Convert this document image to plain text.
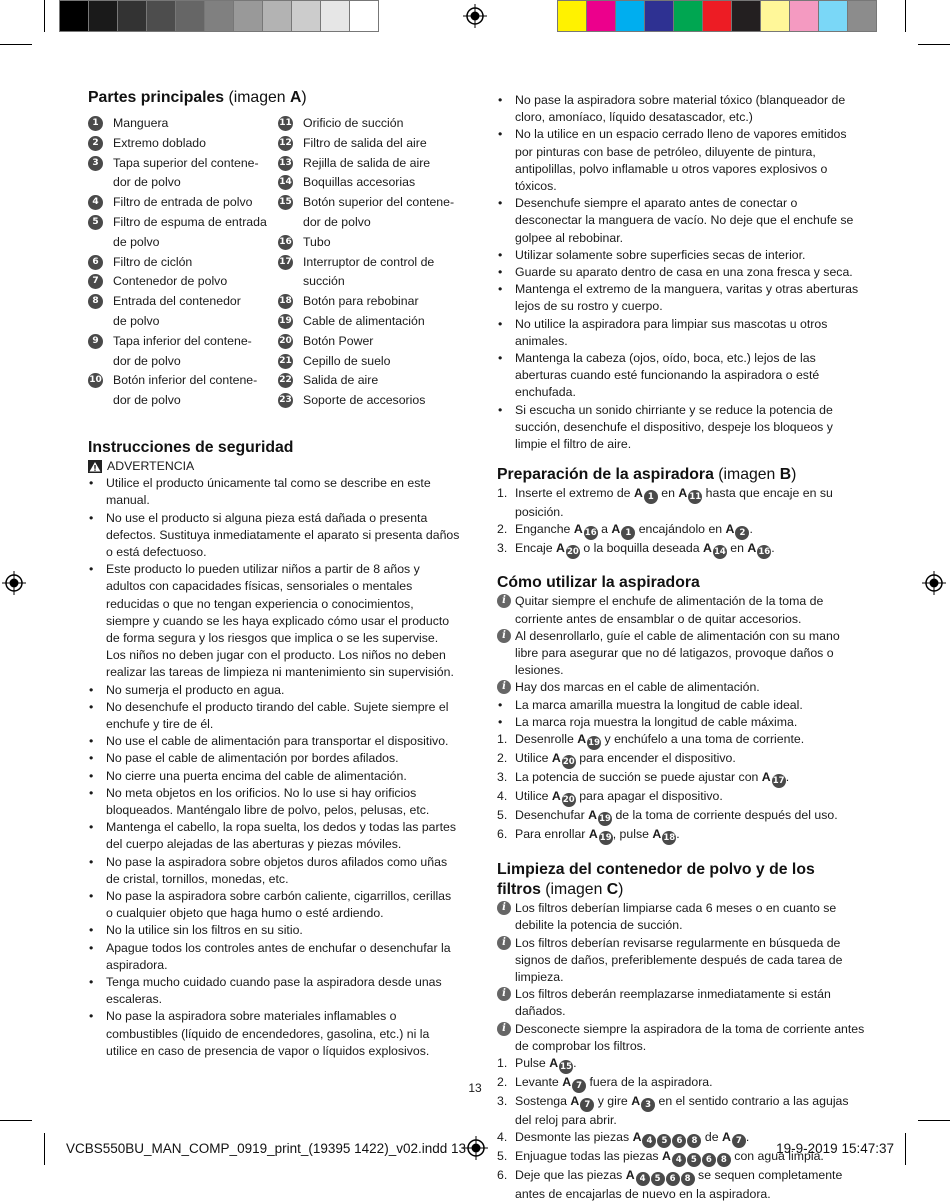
Partes principales (imagen A)
1	Manguera
2	Extremo doblado
3	Tapa superior del contene-
dor de polvo
4	Filtro de entrada de polvo
5	Filtro de espuma de entrada
de polvo
6	Filtro de ciclón
7	Contenedor de polvo
8	Entrada del contenedor
de polvo
9	Tapa inferior del contene-
dor de polvo
10 Botón inferior del contene-
dor de polvo
11 Orificio de succión
12 Filtro de salida del aire
13 Rejilla de salida de aire
14 Boquillas accesorias
15 Botón superior del contene-
dor de polvo
16 Tubo
17 Interruptor de control de
succión
18 Botón para rebobinar
19 Cable de alimentación
20 Botón Power
21 Cepillo de suelo
22 Salida de aire
23 Soporte de accesorios
Instrucciones de seguridad
ADVERTENCIA
• Utilice el producto únicamente tal como se describe en este manual.
• No use el producto si alguna pieza está dañada o presenta defectos. Sustituya inmediatamente el aparato si presenta daños o está defectuoso.
• Este producto lo pueden utilizar niños a partir de 8 años y adultos con capacidades físicas, sensoriales o mentales reducidas o que no tengan experiencia o conocimientos, siempre y cuando se les haya explicado cómo usar el producto de forma segura y los riesgos que implica o se les supervise. Los niños no deben jugar con el producto. Los niños no deben realizar las tareas de limpieza ni mantenimiento sin supervisión.
• No sumerja el producto en agua.
• No desenchufe el producto tirando del cable. Sujete siempre el enchufe y tire de él.
• No use el cable de alimentación para transportar el dispositivo.
• No pase el cable de alimentación por bordes afilados.
• No cierre una puerta encima del cable de alimentación.
• No meta objetos en los orificios. No lo use si hay orificios bloqueados. Manténgalo libre de polvo, pelos, pelusas, etc.
• Mantenga el cabello, la ropa suelta, los dedos y todas las partes del cuerpo alejadas de las aberturas y piezas móviles.
• No pase la aspiradora sobre objetos duros afilados como uñas de cristal, tornillos, monedas, etc.
• No pase la aspiradora sobre carbón caliente, cigarrillos, cerillas o cualquier objeto que haga humo o esté ardiendo.
• No la utilice sin los filtros en su sitio.
• Apague todos los controles antes de enchufar o desenchufar la aspiradora.
• Tenga mucho cuidado cuando pase la aspiradora desde unas escaleras.
• No pase la aspiradora sobre materiales inflamables o combustibles (líquido de encendedores, gasolina, etc.) ni la utilice en caso de presencia de vapor o líquidos explosivos.
• No pase la aspiradora sobre material tóxico (blanqueador de cloro, amoníaco, líquido desatascador, etc.)
• No la utilice en un espacio cerrado lleno de vapores emitidos por pinturas con base de petróleo, diluyente de pintura, antipolillas, polvo inflamable u otros vapores explosivos o tóxicos.
• Desenchufe siempre el aparato antes de conectar o desconectar la manguera de vacío. No deje que el enchufe se golpee al rebobinar.
• Utilizar solamente sobre superficies secas de interior.
• Guarde su aparato dentro de casa en una zona fresca y seca.
• Mantenga el extremo de la manguera, varitas y otras aberturas lejos de su rostro y cuerpo.
• No utilice la aspiradora para limpiar sus mascotas u otros animales.
• Mantenga la cabeza (ojos, oído, boca, etc.) lejos de las aberturas cuando esté funcionando la aspiradora o esté enchufada.
• Si escucha un sonido chirriante y se reduce la potencia de succión, desenchufe el dispositivo, despeje los bloqueos y limpie el filtro de aire.
Preparación de la aspiradora (imagen B)
1. Inserte el extremo de A 1 en A 11 hasta que encaje en su posición.
2. Enganche A 16 a A 1 encajándolo en A 2 .
3. Encaje A 20 o la boquilla deseada A 14 en A 16.
Cómo utilizar la aspiradora
i Quitar siempre el enchufe de alimentación de la toma de corriente antes de ensamblar o de quitar accesorios.
i Al desenrollarlo, guíe el cable de alimentación con su mano libre para asegurar que no dé latigazos, provoque daños o lesiones.
i Hay dos marcas en el cable de alimentación.
• La marca amarilla muestra la longitud de cable ideal.
• La marca roja muestra la longitud de cable máxima.
1. Desenrolle A 19 y enchúfelo a una toma de corriente.
2. Utilice A 20 para encender el dispositivo.
3. La potencia de succión se puede ajustar con A 17.
4. Utilice A 20 para apagar el dispositivo.
5. Desenchufar A 19 de la toma de corriente después del uso.
6. Para enrollar A 19, pulse A 18.
Limpieza del contenedor de polvo y de los
filtros (imagen C)
i Los filtros deberían limpiarse cada 6 meses o en cuanto se debilite la potencia de succión.
i Los filtros deberían revisarse regularmente en búsqueda de signos de daños, preferiblemente después de cada tarea de limpieza.
i Los filtros deberán reemplazarse inmediatamente si están dañados.
i Desconecte siempre la aspiradora de la toma de corriente antes de comprobar los filtros.
1. Pulse A 15.
2. Levante A 7 fuera de la aspiradora.
3. Sostenga A 7 y gire A 3 en el sentido contrario a las agujas del reloj para abrir.
4. Desmonte las piezas A 4 5 6 8 de A 7 .
5. Enjuague todas las piezas A 4 5 6 8 con agua limpia.
6. Deje que las piezas A 4 5 6 8 se sequen completamente antes de encajarlas de nuevo en la aspiradora.
13
VCBS550BU_MAN_COMP_0919_print_(19395 1422)_v02.indd 13	19-9-2019 15:47:37
